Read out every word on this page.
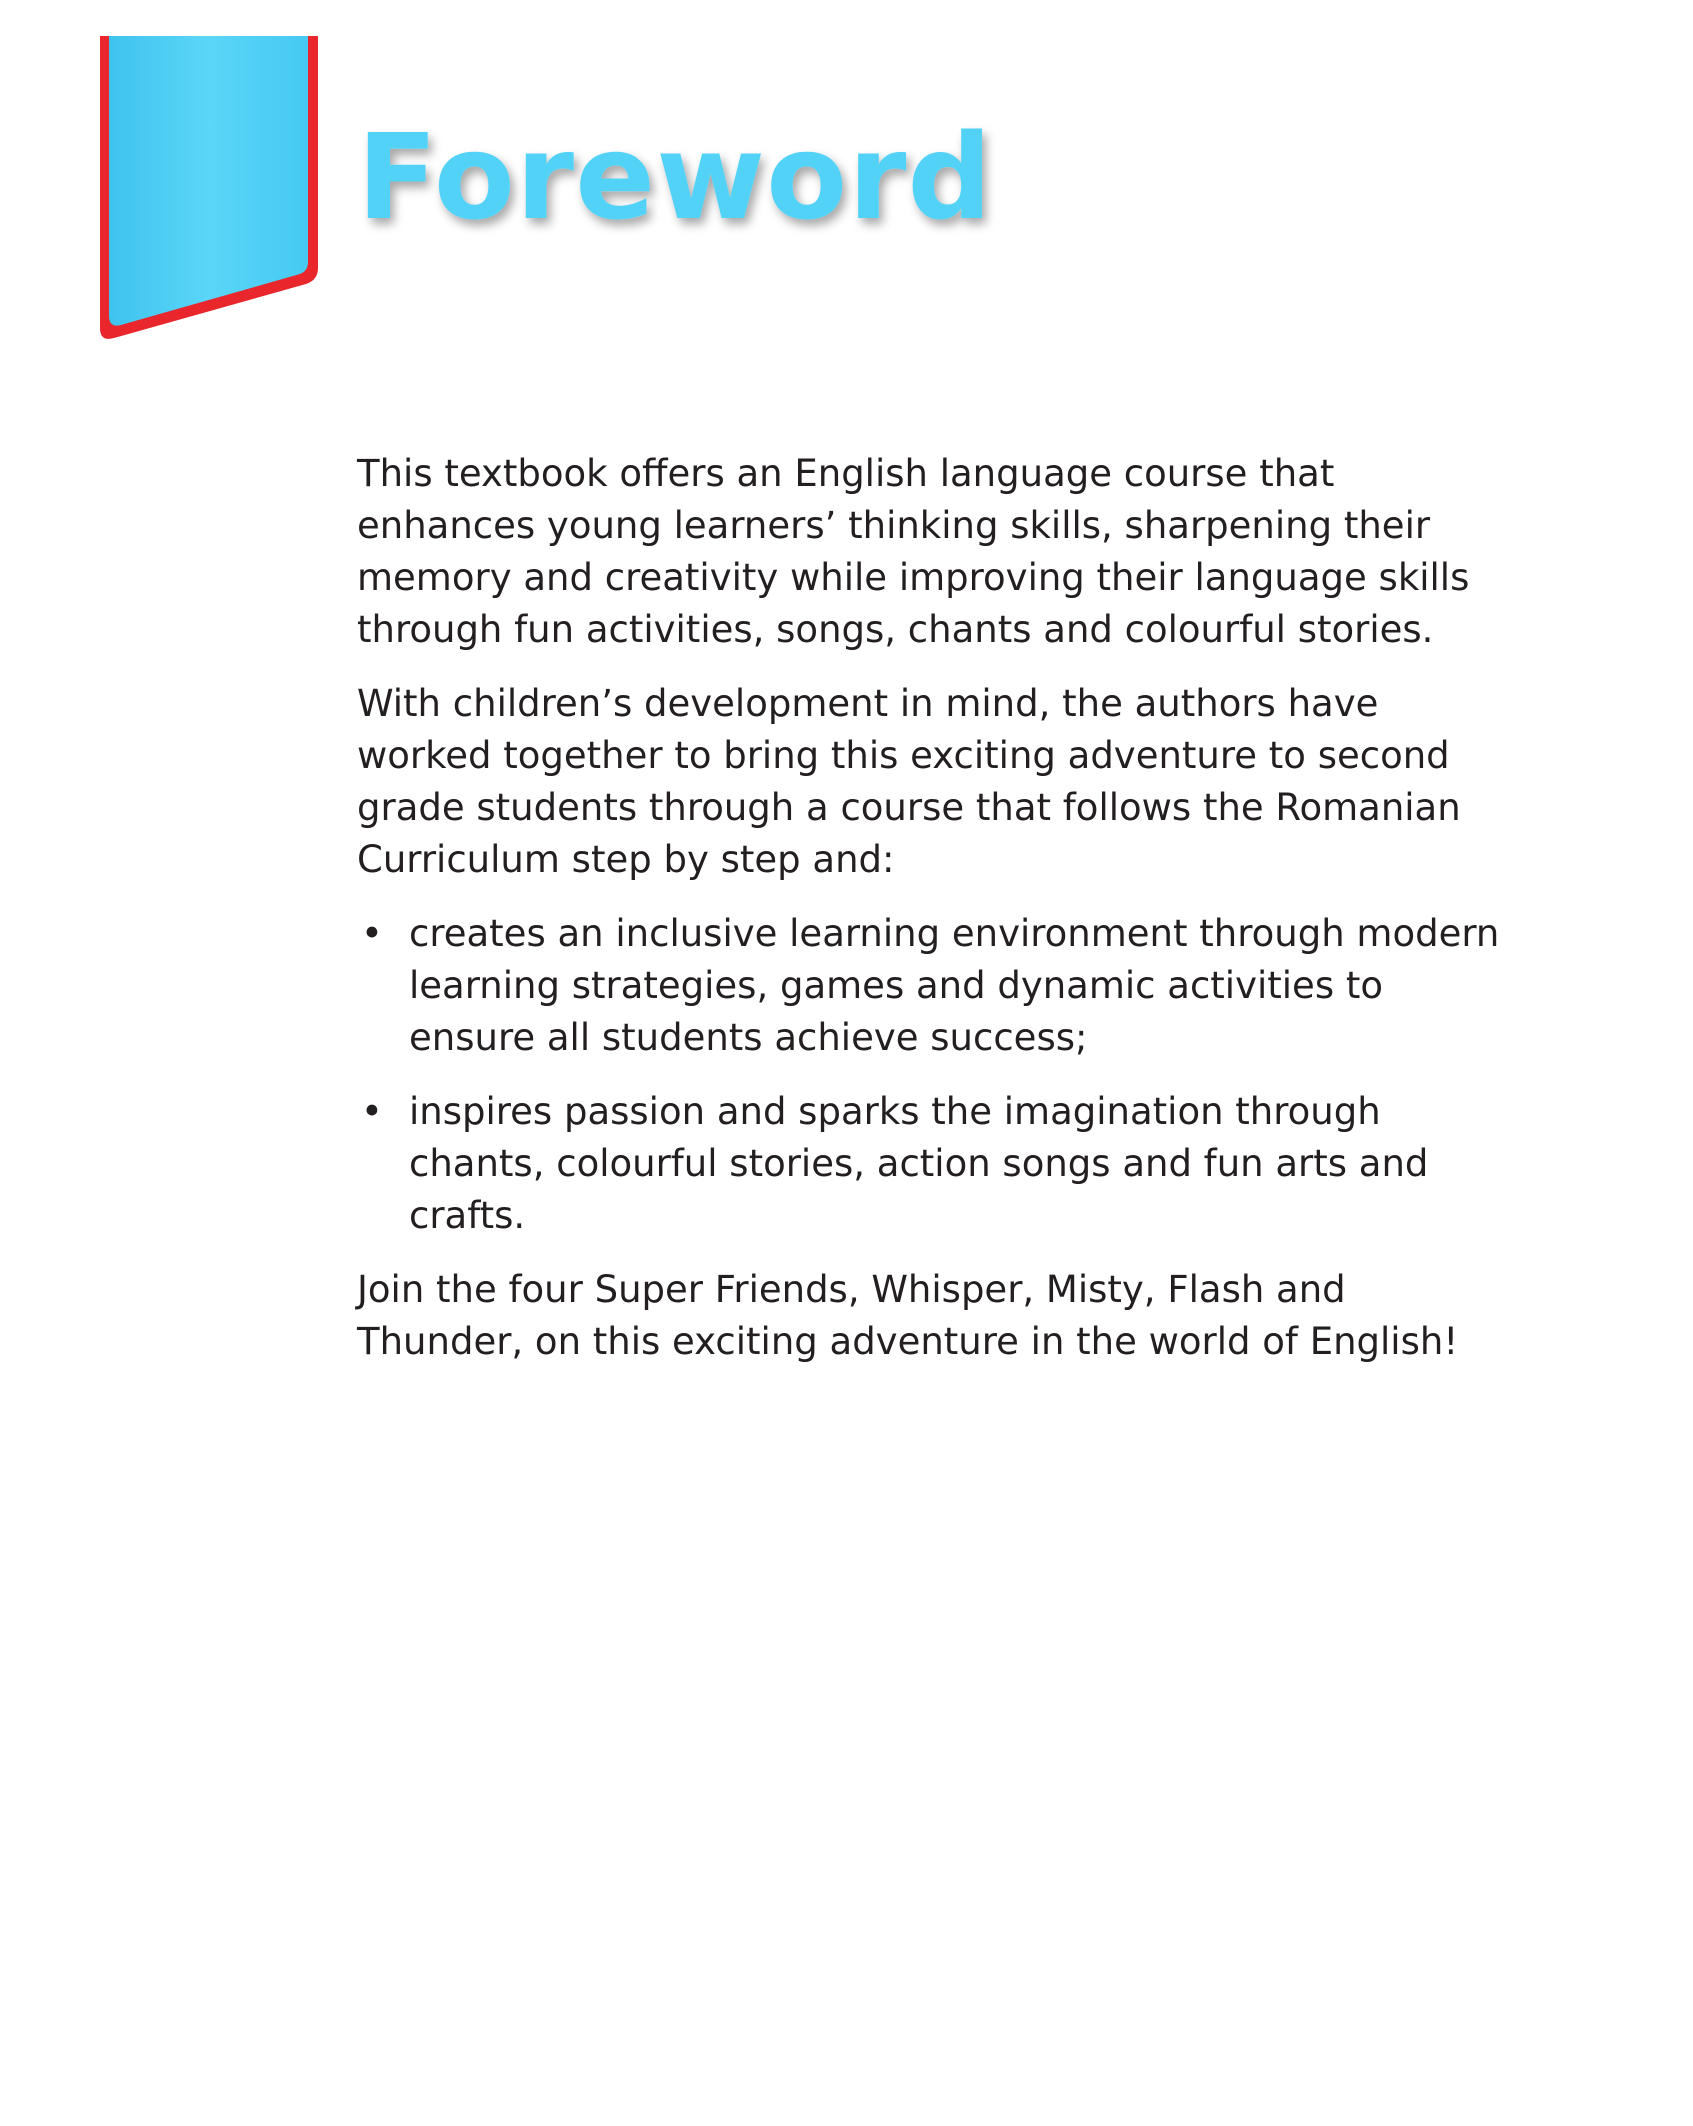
Foreword

This textbook offers an English language course that enhances young learners’ thinking skills, sharpening their memory and creativity while improving their language skills through fun activities, songs, chants and colourful stories.

With children’s development in mind, the authors have worked together to bring this exciting adventure to second grade students through a course that follows the Romanian Curriculum step by step and:

• creates an inclusive learning environment through modern learning strategies, games and dynamic activities to ensure all students achieve success;
• inspires passion and sparks the imagination through chants, colourful stories, action songs and fun arts and crafts.

Join the four Super Friends, Whisper, Misty, Flash and Thunder, on this exciting adventure in the world of English!
